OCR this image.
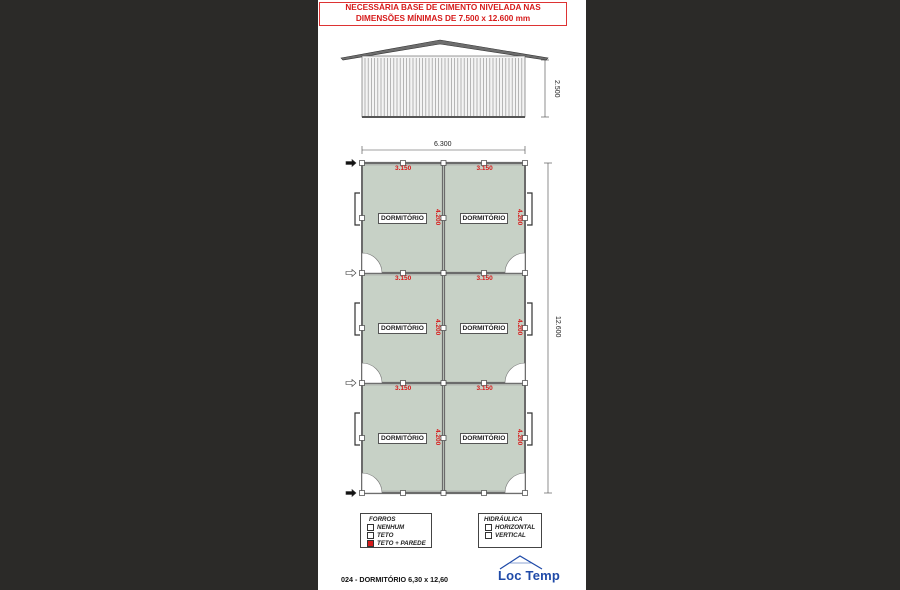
NECESSÁRIA BASE DE CIMENTO NIVELADA NAS
DIMENSÕES MÍNIMAS DE 7.500 x 12.600 mm
2.500
6.300
12.600
DORMITÓRIO
3.150
4.200	DORMITÓRIO
3.150
4.200
DORMITÓRIO
3.150
4.200	DORMITÓRIO
3.150
4.200
DORMITÓRIO
3.150
4.200	DORMITÓRIO
3.150
4.200
FORROS
NENHUM
TETO
TETO + PAREDE
HIDRÁULICA
HORIZONTAL
VERTICAL
024 - DORMITÓRIO 6,30 x 12,60	Loc Temp
